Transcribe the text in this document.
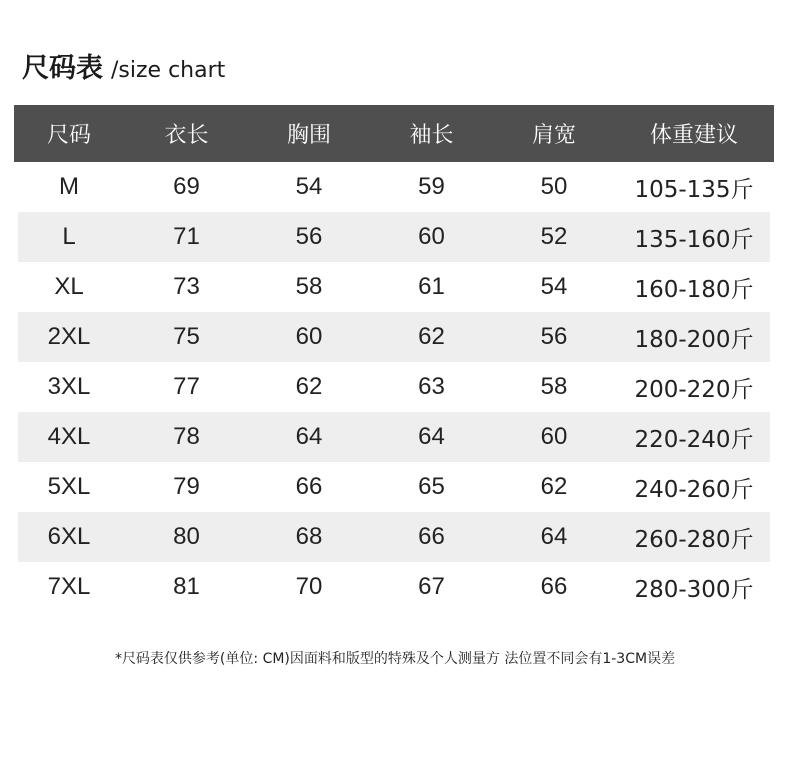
尺码表 /size chart
尺码	衣长	胸围	袖长	肩宽	体重建议
M	69	54	59	50	105-135斤
L	71	56	60	52	135-160斤
XL	73	58	61	54	160-180斤
2XL	75	60	62	56	180-200斤
3XL	77	62	63	58	200-220斤
4XL	78	64	64	60	220-240斤
5XL	79	66	65	62	240-260斤
6XL	80	68	66	64	260-280斤
7XL	81	70	67	66	280-300斤
*尺码表仅供参考(单位: CM)因面料和版型的特殊及个人测量方 法位置不同会有1-3CM误差
